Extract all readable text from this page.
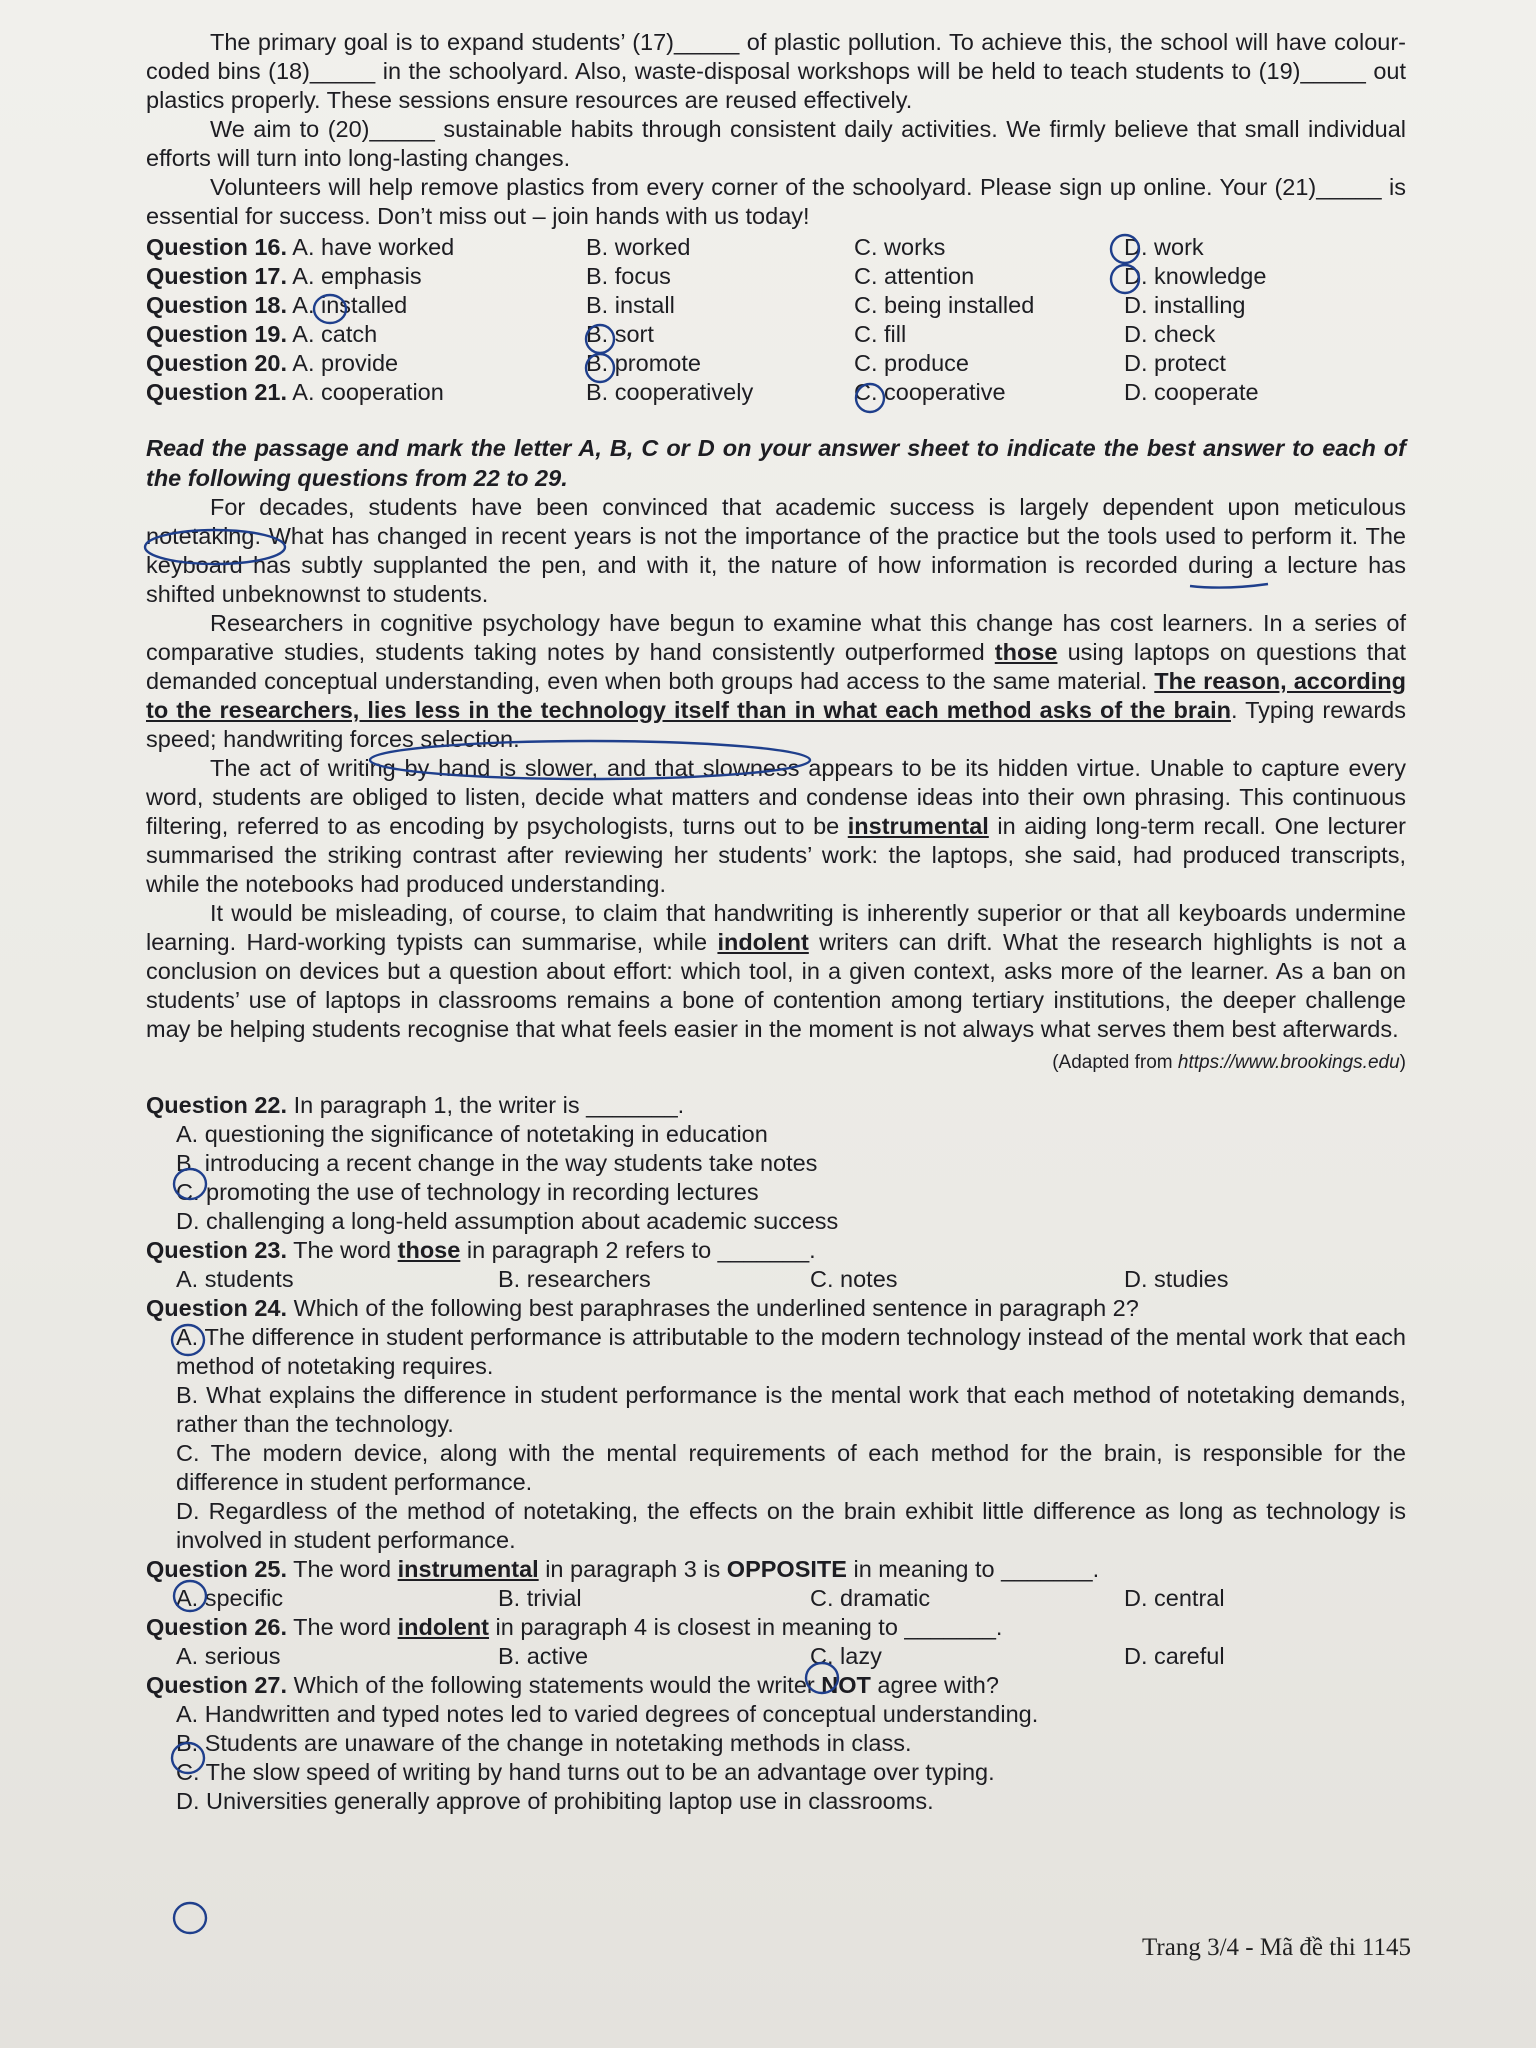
The primary goal is to expand students’ (17)_____ of plastic pollution. To achieve this, the school will have colour-coded bins (18)_____ in the schoolyard. Also, waste-disposal workshops will be held to teach students to (19)_____ out plastics properly. These sessions ensure resources are reused effectively.

We aim to (20)_____ sustainable habits through consistent daily activities. We firmly believe that small individual efforts will turn into long-lasting changes.

Volunteers will help remove plastics from every corner of the schoolyard. Please sign up online. Your (21)_____ is essential for success. Don’t miss out – join hands with us today!

Question 16. A. have worked	B. worked	C. works	D. work
Question 17. A. emphasis	B. focus	C. attention	D. knowledge
Question 18. A. installed	B. install	C. being installed	D. installing
Question 19. A. catch	B. sort	C. fill	D. check
Question 20. A. provide	B. promote	C. produce	D. protect
Question 21. A. cooperation	B. cooperatively	C. cooperative	D. cooperate

Read the passage and mark the letter A, B, C or D on your answer sheet to indicate the best answer to each of the following questions from 22 to 29.

For decades, students have been convinced that academic success is largely dependent upon meticulous notetaking. What has changed in recent years is not the importance of the practice but the tools used to perform it. The keyboard has subtly supplanted the pen, and with it, the nature of how information is recorded during a lecture has shifted unbeknownst to students.

Researchers in cognitive psychology have begun to examine what this change has cost learners. In a series of comparative studies, students taking notes by hand consistently outperformed those using laptops on questions that demanded conceptual understanding, even when both groups had access to the same material. The reason, according to the researchers, lies less in the technology itself than in what each method asks of the brain. Typing rewards speed; handwriting forces selection.

The act of writing by hand is slower, and that slowness appears to be its hidden virtue. Unable to capture every word, students are obliged to listen, decide what matters and condense ideas into their own phrasing. This continuous filtering, referred to as encoding by psychologists, turns out to be instrumental in aiding long-term recall. One lecturer summarised the striking contrast after reviewing her students’ work: the laptops, she said, had produced transcripts, while the notebooks had produced understanding.

It would be misleading, of course, to claim that handwriting is inherently superior or that all keyboards undermine learning. Hard-working typists can summarise, while indolent writers can drift. What the research highlights is not a conclusion on devices but a question about effort: which tool, in a given context, asks more of the learner. As a ban on students’ use of laptops in classrooms remains a bone of contention among tertiary institutions, the deeper challenge may be helping students recognise that what feels easier in the moment is not always what serves them best afterwards.

(Adapted from https://www.brookings.edu)

Question 22. In paragraph 1, the writer is _______.

A. questioning the significance of notetaking in education

B. introducing a recent change in the way students take notes

C. promoting the use of technology in recording lectures

D. challenging a long-held assumption about academic success

Question 23. The word those in paragraph 2 refers to _______.

A. students	B. researchers	C. notes	D. studies

Question 24. Which of the following best paraphrases the underlined sentence in paragraph 2?

A. The difference in student performance is attributable to the modern technology instead of the mental work that each method of notetaking requires.

B. What explains the difference in student performance is the mental work that each method of notetaking demands, rather than the technology.

C. The modern device, along with the mental requirements of each method for the brain, is responsible for the difference in student performance.

D. Regardless of the method of notetaking, the effects on the brain exhibit little difference as long as technology is involved in student performance.

Question 25. The word instrumental in paragraph 3 is OPPOSITE in meaning to _______.

A. specific	B. trivial	C. dramatic	D. central

Question 26. The word indolent in paragraph 4 is closest in meaning to _______.

A. serious	B. active	C. lazy	D. careful

Question 27. Which of the following statements would the writer NOT agree with?

A. Handwritten and typed notes led to varied degrees of conceptual understanding.

B. Students are unaware of the change in notetaking methods in class.

C. The slow speed of writing by hand turns out to be an advantage over typing.

D. Universities generally approve of prohibiting laptop use in classrooms.

Trang 3/4 - Mã đề thi 1145
